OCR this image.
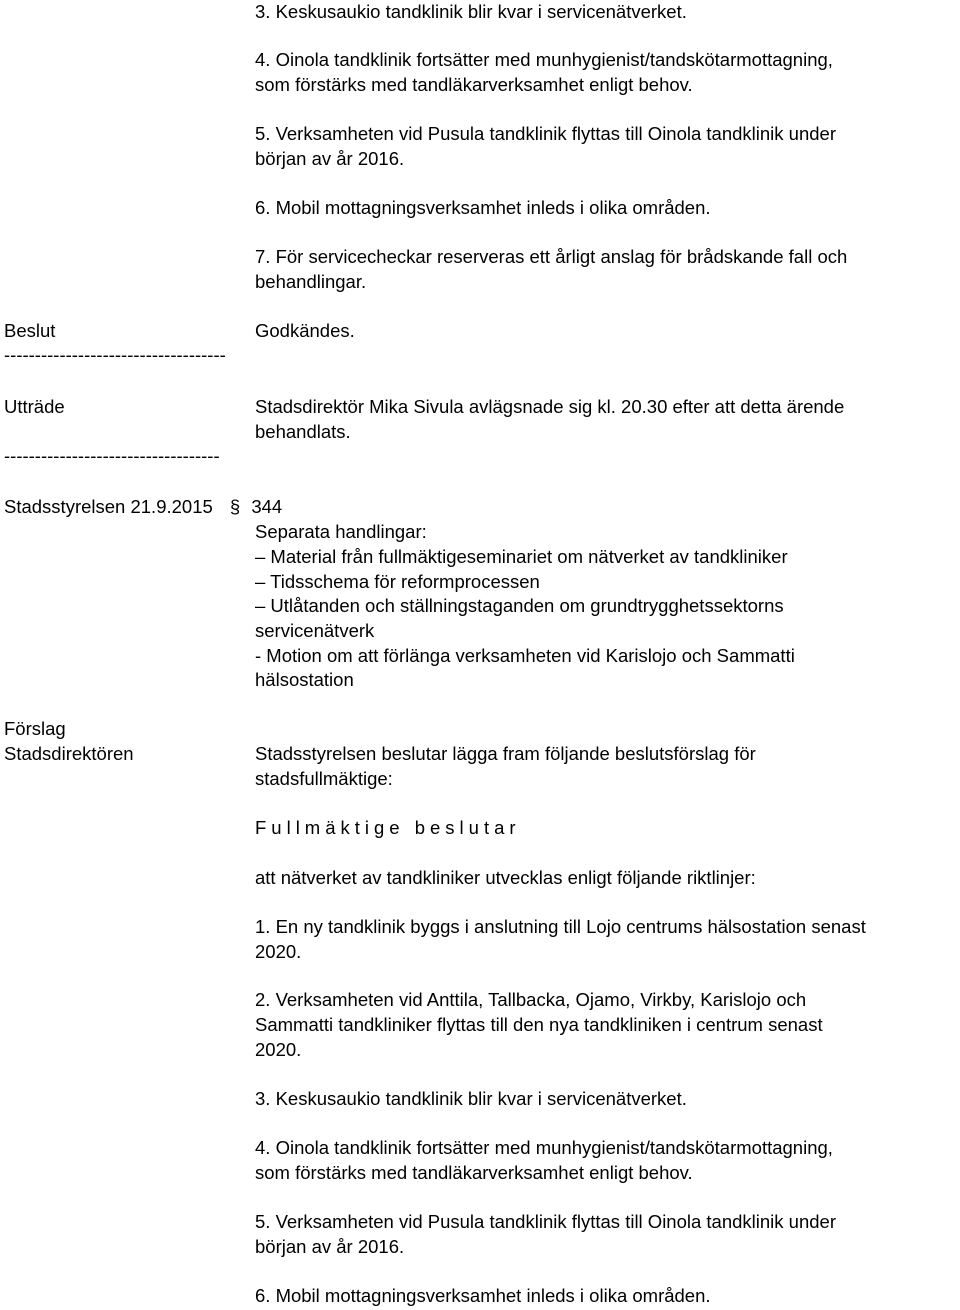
3. Keskusaukio tandklinik blir kvar i servicenätverket.
4. Oinola tandklinik fortsätter med munhygienist/tandskötarmottagning,
som förstärks med tandläkarverksamhet enligt behov.
5. Verksamheten vid Pusula tandklinik flyttas till Oinola tandklinik under
början av år 2016.
6. Mobil mottagningsverksamhet inleds i olika områden.
7. För servicecheckar reserveras ett årligt anslag för brådskande fall och
behandlingar.
Beslut	Godkändes.
------------------------------------
Utträde	Stadsdirektör Mika Sivula avlägsnade sig kl. 20.30 efter att detta ärende
behandlats.
-----------------------------------
Stadsstyrelsen 21.9.2015 § 344
Separata handlingar:
– Material från fullmäktigeseminariet om nätverket av tandkliniker
– Tidsschema för reformprocessen
– Utlåtanden och ställningstaganden om grundtrygghetssektorns
servicenätverk
- Motion om att förlänga verksamheten vid Karislojo och Sammatti
hälsostation
Förslag
Stadsdirektören	Stadsstyrelsen beslutar lägga fram följande beslutsförslag för
stadsfullmäktige:
Fullmäktige beslutar
att nätverket av tandkliniker utvecklas enligt följande riktlinjer:
1. En ny tandklinik byggs i anslutning till Lojo centrums hälsostation senast
2020.
2. Verksamheten vid Anttila, Tallbacka, Ojamo, Virkby, Karislojo och
Sammatti tandkliniker flyttas till den nya tandkliniken i centrum senast
2020.
3. Keskusaukio tandklinik blir kvar i servicenätverket.
4. Oinola tandklinik fortsätter med munhygienist/tandskötarmottagning,
som förstärks med tandläkarverksamhet enligt behov.
5. Verksamheten vid Pusula tandklinik flyttas till Oinola tandklinik under
början av år 2016.
6. Mobil mottagningsverksamhet inleds i olika områden.
